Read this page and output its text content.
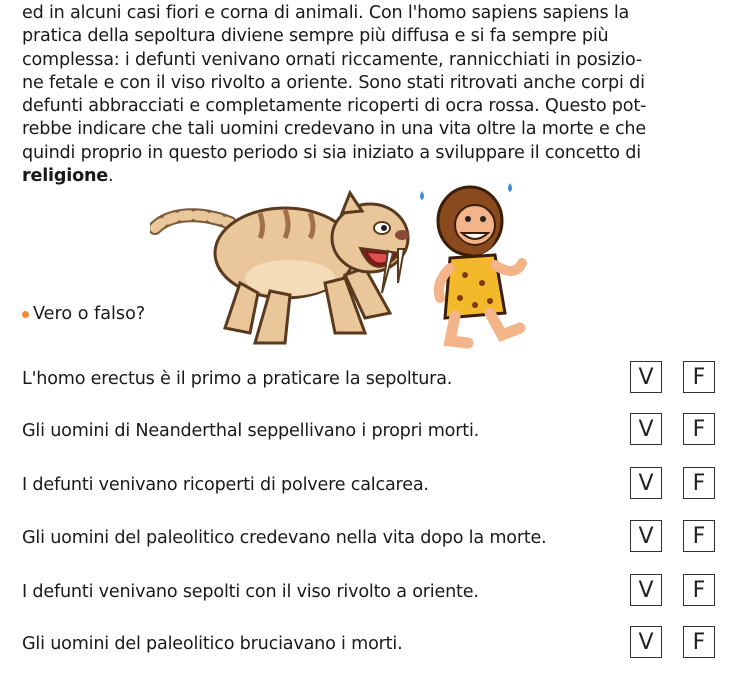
ed in alcuni casi fiori e corna di animali. Con l'homo sapiens sapiens la
pratica della sepoltura diviene sempre più diffusa e si fa sempre più
complessa: i defunti venivano ornati riccamente, rannicchiati in posizio-
ne fetale e con il viso rivolto a oriente. Sono stati ritrovati anche corpi di
defunti abbracciati e completamente ricoperti di ocra rossa. Questo pot-
rebbe indicare che tali uomini credevano in una vita oltre la morte e che
quindi proprio in questo periodo si sia iniziato a sviluppare il concetto di
religione.
Vero o falso?
L'homo erectus è il primo a praticare la sepoltura.	V	F
Gli uomini di Neanderthal seppellivano i propri morti.	V	F
I defunti venivano ricoperti di polvere calcarea.	V	F
Gli uomini del paleolitico credevano nella vita dopo la morte.	V	F
I defunti venivano sepolti con il viso rivolto a oriente.	V	F
Gli uomini del paleolitico bruciavano i morti.	V	F
